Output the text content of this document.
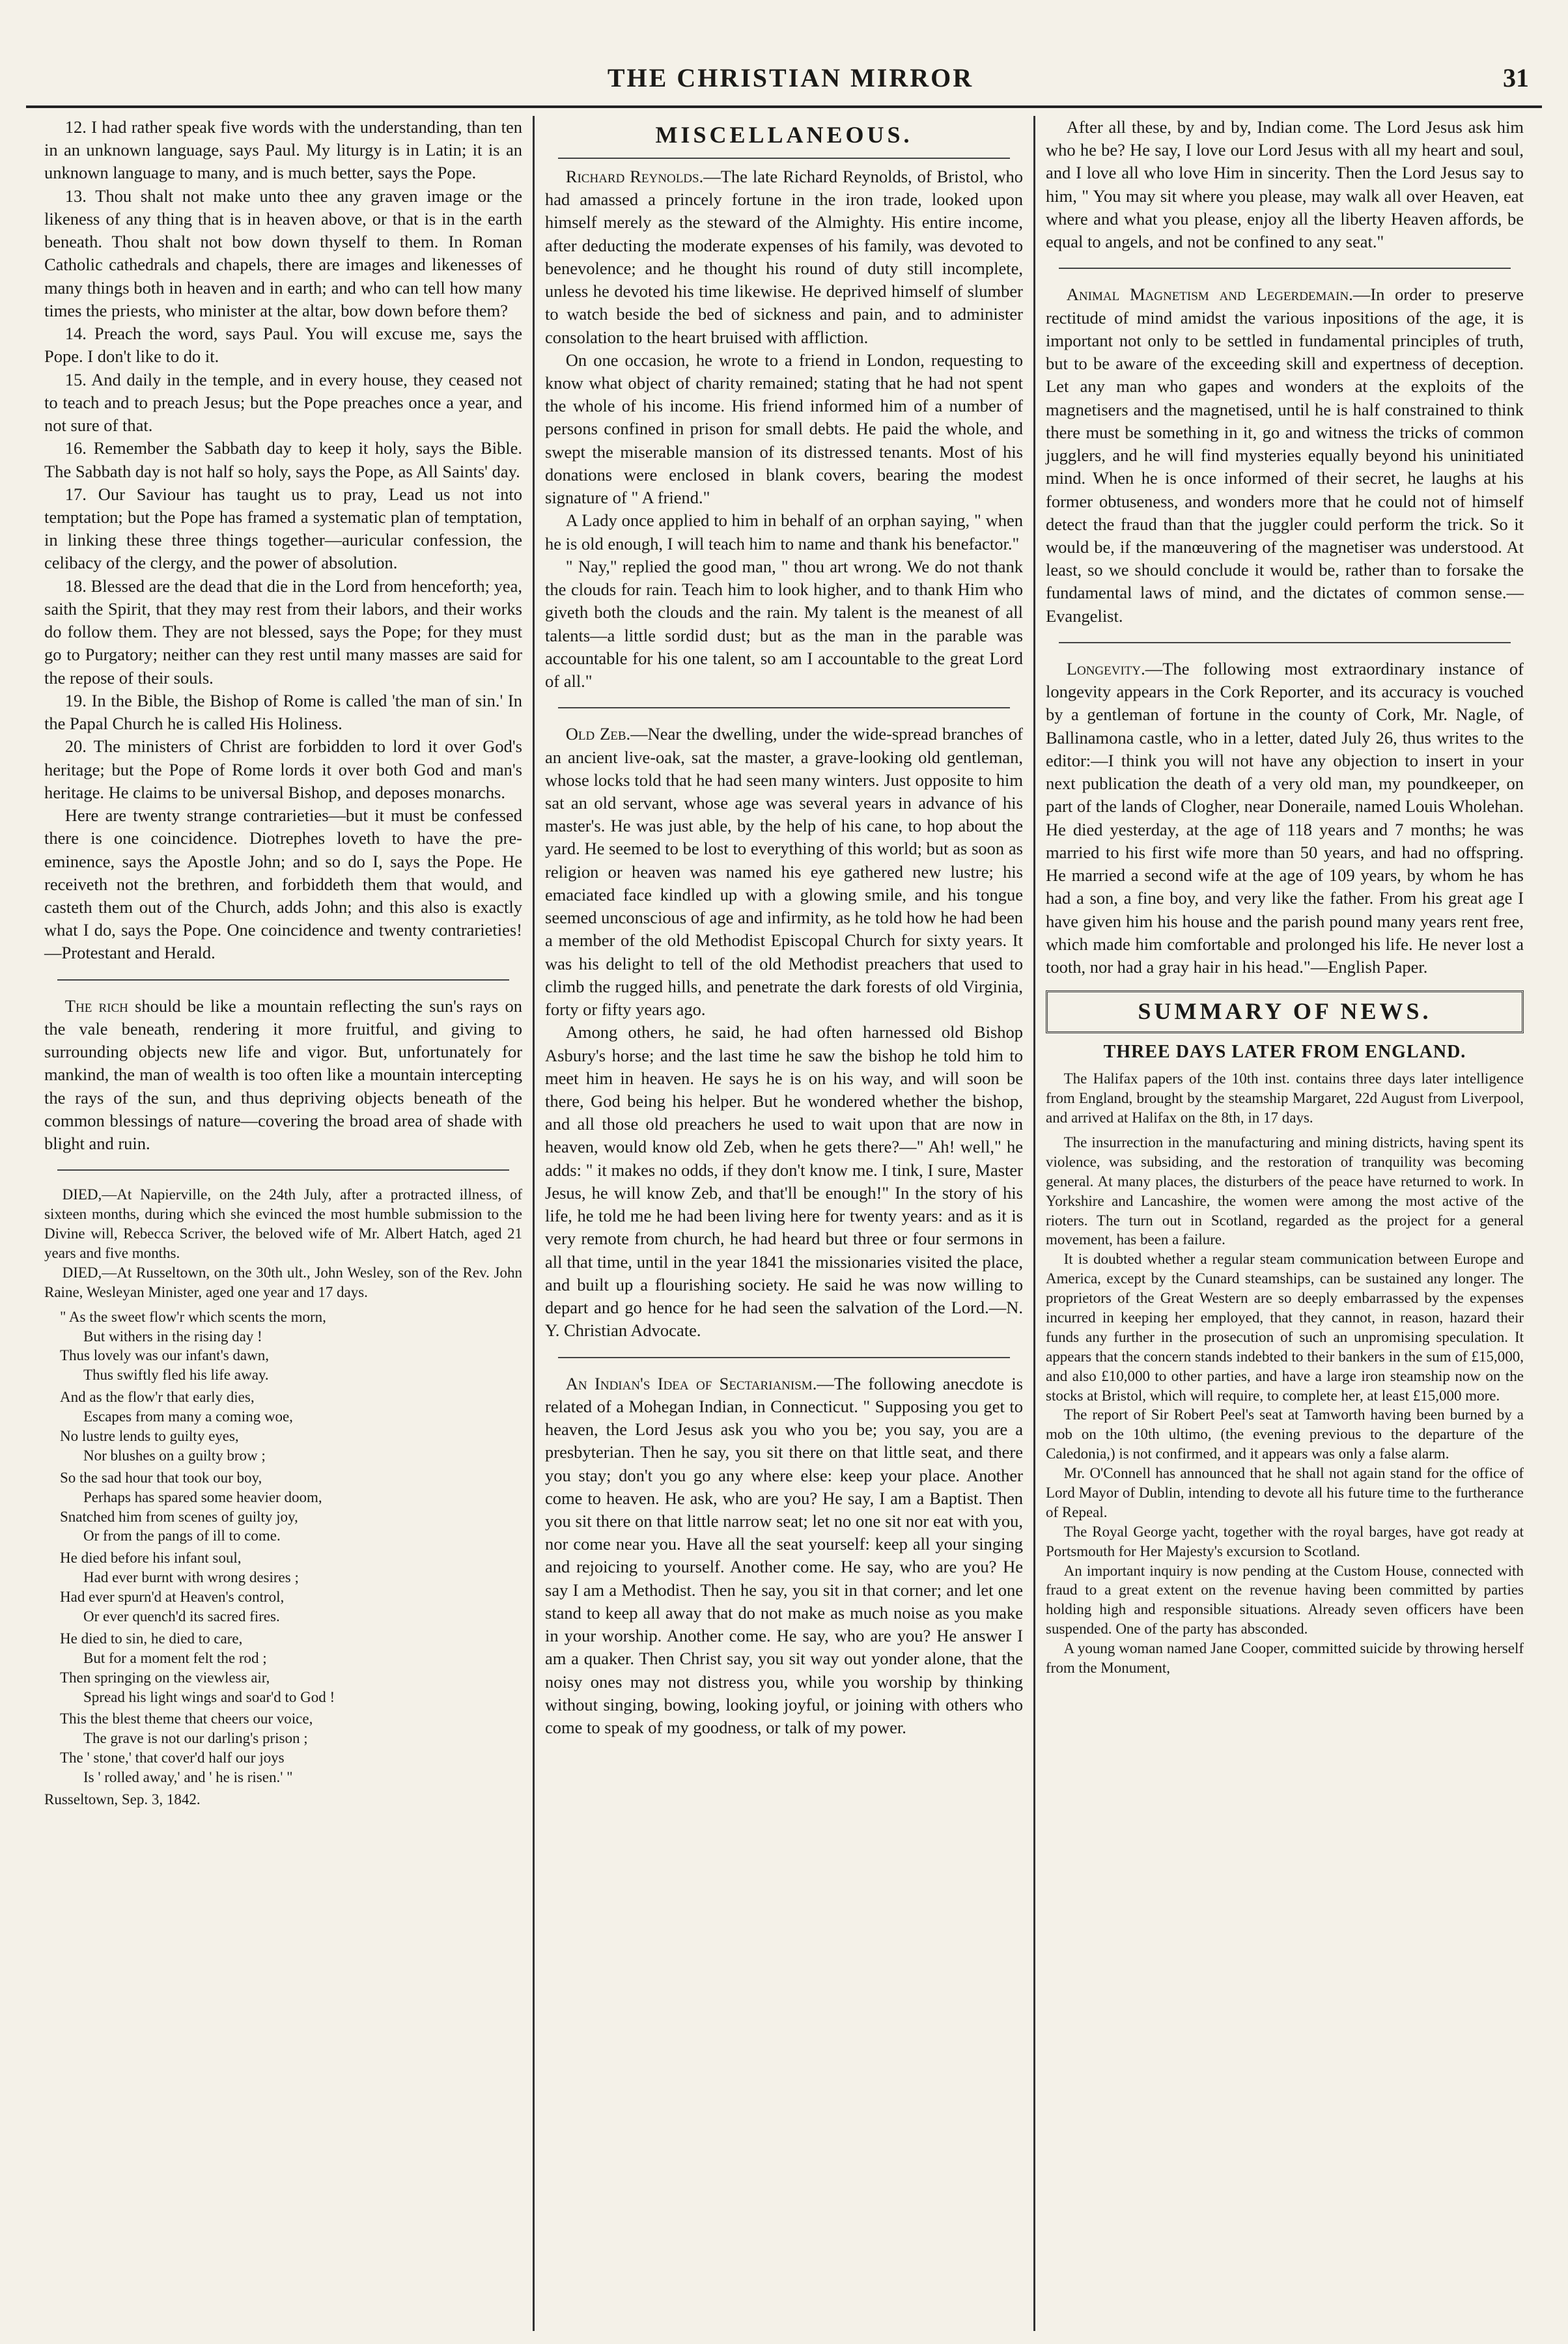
THE CHRISTIAN MIRROR	31

12. I had rather speak five words with the understanding, than ten in an unknown language, says Paul. My liturgy is in Latin; it is an unknown language to many, and is much better, says the Pope.

13. Thou shalt not make unto thee any graven image or the likeness of any thing that is in heaven above, or that is in the earth beneath. Thou shalt not bow down thyself to them. In Roman Catholic cathedrals and chapels, there are images and likenesses of many things both in heaven and in earth; and who can tell how many times the priests, who minister at the altar, bow down before them?

14. Preach the word, says Paul. You will excuse me, says the Pope. I don't like to do it.

15. And daily in the temple, and in every house, they ceased not to teach and to preach Jesus; but the Pope preaches once a year, and not sure of that.

16. Remember the Sabbath day to keep it holy, says the Bible. The Sabbath day is not half so holy, says the Pope, as All Saints' day.

17. Our Saviour has taught us to pray, Lead us not into temptation; but the Pope has framed a systematic plan of temptation, in linking these three things together—auricular confession, the celibacy of the clergy, and the power of absolution.

18. Blessed are the dead that die in the Lord from henceforth; yea, saith the Spirit, that they may rest from their labors, and their works do follow them. They are not blessed, says the Pope; for they must go to Purgatory; neither can they rest until many masses are said for the repose of their souls.

19. In the Bible, the Bishop of Rome is called 'the man of sin.' In the Papal Church he is called His Holiness.

20. The ministers of Christ are forbidden to lord it over God's heritage; but the Pope of Rome lords it over both God and man's heritage. He claims to be universal Bishop, and deposes monarchs.

Here are twenty strange contrarieties—but it must be confessed there is one coincidence. Diotrephes loveth to have the pre-eminence, says the Apostle John; and so do I, says the Pope. He receiveth not the brethren, and forbiddeth them that would, and casteth them out of the Church, adds John; and this also is exactly what I do, says the Pope. One coincidence and twenty contrarieties!—Protestant and Herald.

The rich should be like a mountain reflecting the sun's rays on the vale beneath, rendering it more fruitful, and giving to surrounding objects new life and vigor. But, unfortunately for mankind, the man of wealth is too often like a mountain intercepting the rays of the sun, and thus depriving objects beneath of the common blessings of nature—covering the broad area of shade with blight and ruin.

DIED,—At Napierville, on the 24th July, after a protracted illness, of sixteen months, during which she evinced the most humble submission to the Divine will, Rebecca Scriver, the beloved wife of Mr. Albert Hatch, aged 21 years and five months.

DIED,—At Russeltown, on the 30th ult., John Wesley, son of the Rev. John Raine, Wesleyan Minister, aged one year and 17 days.

" As the sweet flow'r which scents the morn,
But withers in the rising day !
Thus lovely was our infant's dawn,
Thus swiftly fled his life away.
And as the flow'r that early dies,
Escapes from many a coming woe,
No lustre lends to guilty eyes,
Nor blushes on a guilty brow ;
So the sad hour that took our boy,
Perhaps has spared some heavier doom,
Snatched him from scenes of guilty joy,
Or from the pangs of ill to come.
He died before his infant soul,
Had ever burnt with wrong desires ;
Had ever spurn'd at Heaven's control,
Or ever quench'd its sacred fires.
He died to sin, he died to care,
But for a moment felt the rod ;
Then springing on the viewless air,
Spread his light wings and soar'd to God !
This the blest theme that cheers our voice,
The grave is not our darling's prison ;
The ' stone,' that cover'd half our joys
Is ' rolled away,' and ' he is risen.' "

Russeltown, Sep. 3, 1842.

MISCELLANEOUS.

Richard Reynolds.—The late Richard Reynolds, of Bristol, who had amassed a princely fortune in the iron trade, looked upon himself merely as the steward of the Almighty. His entire income, after deducting the moderate expenses of his family, was devoted to benevolence; and he thought his round of duty still incomplete, unless he devoted his time likewise. He deprived himself of slumber to watch beside the bed of sickness and pain, and to administer consolation to the heart bruised with affliction.

On one occasion, he wrote to a friend in London, requesting to know what object of charity remained; stating that he had not spent the whole of his income. His friend informed him of a number of persons confined in prison for small debts. He paid the whole, and swept the miserable mansion of its distressed tenants. Most of his donations were enclosed in blank covers, bearing the modest signature of " A friend."

A Lady once applied to him in behalf of an orphan saying, " when he is old enough, I will teach him to name and thank his benefactor."

" Nay," replied the good man, " thou art wrong. We do not thank the clouds for rain. Teach him to look higher, and to thank Him who giveth both the clouds and the rain. My talent is the meanest of all talents—a little sordid dust; but as the man in the parable was accountable for his one talent, so am I accountable to the great Lord of all."

Old Zeb.—Near the dwelling, under the wide-spread branches of an ancient live-oak, sat the master, a grave-looking old gentleman, whose locks told that he had seen many winters. Just opposite to him sat an old servant, whose age was several years in advance of his master's. He was just able, by the help of his cane, to hop about the yard. He seemed to be lost to everything of this world; but as soon as religion or heaven was named his eye gathered new lustre; his emaciated face kindled up with a glowing smile, and his tongue seemed unconscious of age and infirmity, as he told how he had been a member of the old Methodist Episcopal Church for sixty years. It was his delight to tell of the old Methodist preachers that used to climb the rugged hills, and penetrate the dark forests of old Virginia, forty or fifty years ago.

Among others, he said, he had often harnessed old Bishop Asbury's horse; and the last time he saw the bishop he told him to meet him in heaven. He says he is on his way, and will soon be there, God being his helper. But he wondered whether the bishop, and all those old preachers he used to wait upon that are now in heaven, would know old Zeb, when he gets there?—" Ah! well," he adds: " it makes no odds, if they don't know me. I tink, I sure, Master Jesus, he will know Zeb, and that'll be enough!" In the story of his life, he told me he had been living here for twenty years: and as it is very remote from church, he had heard but three or four sermons in all that time, until in the year 1841 the missionaries visited the place, and built up a flourishing society. He said he was now willing to depart and go hence for he had seen the salvation of the Lord.—N. Y. Christian Advocate.

An Indian's Idea of Sectarianism.—The following anecdote is related of a Mohegan Indian, in Connecticut. " Supposing you get to heaven, the Lord Jesus ask you who you be; you say, you are a presbyterian. Then he say, you sit there on that little seat, and there you stay; don't you go any where else: keep your place. Another come to heaven. He ask, who are you? He say, I am a Baptist. Then you sit there on that little narrow seat; let no one sit nor eat with you, nor come near you. Have all the seat yourself: keep all your singing and rejoicing to yourself. Another come. He say, who are you? He say I am a Methodist. Then he say, you sit in that corner; and let one stand to keep all away that do not make as much noise as you make in your worship. Another come. He say, who are you? He answer I am a quaker. Then Christ say, you sit way out yonder alone, that the noisy ones may not distress you, while you worship by thinking without singing, bowing, looking joyful, or joining with others who come to speak of my goodness, or talk of my power.

After all these, by and by, Indian come. The Lord Jesus ask him who he be? He say, I love our Lord Jesus with all my heart and soul, and I love all who love Him in sincerity. Then the Lord Jesus say to him, " You may sit where you please, may walk all over Heaven, eat where and what you please, enjoy all the liberty Heaven affords, be equal to angels, and not be confined to any seat."

Animal Magnetism and Legerdemain.—In order to preserve rectitude of mind amidst the various inpositions of the age, it is important not only to be settled in fundamental principles of truth, but to be aware of the exceeding skill and expertness of deception. Let any man who gapes and wonders at the exploits of the magnetisers and the magnetised, until he is half constrained to think there must be something in it, go and witness the tricks of common jugglers, and he will find mysteries equally beyond his uninitiated mind. When he is once informed of their secret, he laughs at his former obtuseness, and wonders more that he could not of himself detect the fraud than that the juggler could perform the trick. So it would be, if the manœuvering of the magnetiser was understood. At least, so we should conclude it would be, rather than to forsake the fundamental laws of mind, and the dictates of common sense.—Evangelist.

Longevity.—The following most extraordinary instance of longevity appears in the Cork Reporter, and its accuracy is vouched by a gentleman of fortune in the county of Cork, Mr. Nagle, of Ballinamona castle, who in a letter, dated July 26, thus writes to the editor:—I think you will not have any objection to insert in your next publication the death of a very old man, my poundkeeper, on part of the lands of Clogher, near Doneraile, named Louis Wholehan. He died yesterday, at the age of 118 years and 7 months; he was married to his first wife more than 50 years, and had no offspring. He married a second wife at the age of 109 years, by whom he has had a son, a fine boy, and very like the father. From his great age I have given him his house and the parish pound many years rent free, which made him comfortable and prolonged his life. He never lost a tooth, nor had a gray hair in his head."—English Paper.

SUMMARY OF NEWS.
THREE DAYS LATER FROM ENGLAND.

The Halifax papers of the 10th inst. contains three days later intelligence from England, brought by the steamship Margaret, 22d August from Liverpool, and arrived at Halifax on the 8th, in 17 days.

The insurrection in the manufacturing and mining districts, having spent its violence, was subsiding, and the restoration of tranquility was becoming general. At many places, the disturbers of the peace have returned to work. In Yorkshire and Lancashire, the women were among the most active of the rioters. The turn out in Scotland, regarded as the project for a general movement, has been a failure.

It is doubted whether a regular steam communication between Europe and America, except by the Cunard steamships, can be sustained any longer. The proprietors of the Great Western are so deeply embarrassed by the expenses incurred in keeping her employed, that they cannot, in reason, hazard their funds any further in the prosecution of such an unpromising speculation. It appears that the concern stands indebted to their bankers in the sum of £15,000, and also £10,000 to other parties, and have a large iron steamship now on the stocks at Bristol, which will require, to complete her, at least £15,000 more.

The report of Sir Robert Peel's seat at Tamworth having been burned by a mob on the 10th ultimo, (the evening previous to the departure of the Caledonia,) is not confirmed, and it appears was only a false alarm.

Mr. O'Connell has announced that he shall not again stand for the office of Lord Mayor of Dublin, intending to devote all his future time to the furtherance of Repeal.

The Royal George yacht, together with the royal barges, have got ready at Portsmouth for Her Majesty's excursion to Scotland.

An important inquiry is now pending at the Custom House, connected with fraud to a great extent on the revenue having been committed by parties holding high and responsible situations. Already seven officers have been suspended. One of the party has absconded.

A young woman named Jane Cooper, committed suicide by throwing herself from the Monument,
